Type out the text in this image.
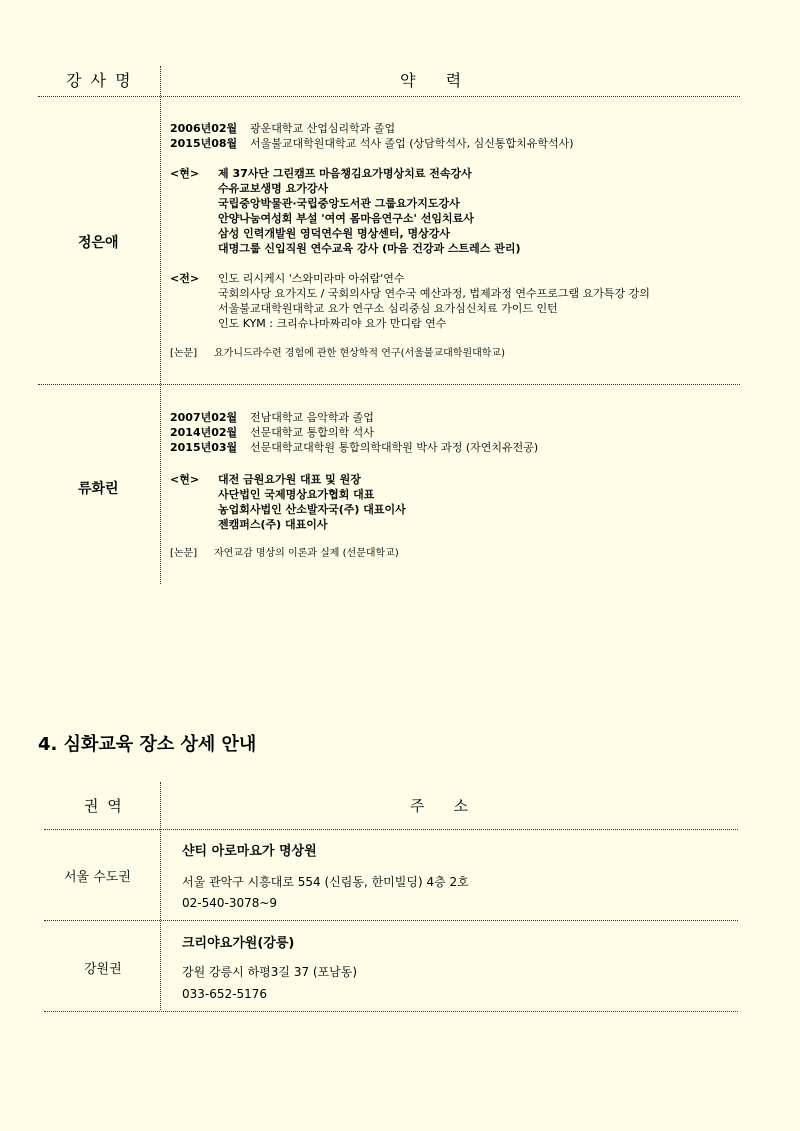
강 사 명	약    력
정은애
2006년02월 광운대학교 산업심리학과 졸업
2015년08월 서울불교대학원대학교 석사 졸업 (상담학석사, 심신통합치유학석사)
<현> 제 37사단 그린캠프 마음챙김요가명상치료 전속강사
수유교보생명 요가강사
국립중앙박물관·국립중앙도서관 그룹요가지도강사
안양나눔여성회 부설 '여여 몸마음연구소' 선임치료사
삼성 인력개발원 영덕연수원 명상센터, 명상강사
대명그룹 신입직원 연수교육 강사 (마음 건강과 스트레스 관리)
<전> 인도 리시케시 '스와미라마 아쉬람'연수
국회의사당 요가지도 / 국회의사당 연수국 예산과정, 법제과정 연수프로그램 요가특강 강의
서울불교대학원대학교 요가 연구소 심리중심 요가심신치료 가이드 인턴
인도 KYM : 크리슈나마짜리야 요가 만디람 연수
[논문] 요가니드라수련 경험에 관한 현상학적 연구(서울불교대학원대학교)
류화린
2007년02월 전남대학교 음악학과 졸업
2014년02월 선문대학교 통합의학 석사
2015년03월 선문대학교대학원 통합의학대학원 박사 과정 (자연치유전공)
<현> 대전 금원요가원 대표 및 원장
사단법인 국제명상요가협회 대표
농업회사법인 산소발자국(주) 대표이사
젠캠퍼스(주) 대표이사
[논문] 자연교감 명상의 이론과 실제 (선문대학교)
4. 심화교육 장소 상세 안내
권 역	주    소
서울 수도권
샨티 아로마요가 명상원
서울 관악구 시흥대로 554 (신림동, 한미빌딩) 4층 2호
02-540-3078~9
강원권
크리야요가원(강릉)
강원 강릉시 하평3길 37 (포남동)
033-652-5176
